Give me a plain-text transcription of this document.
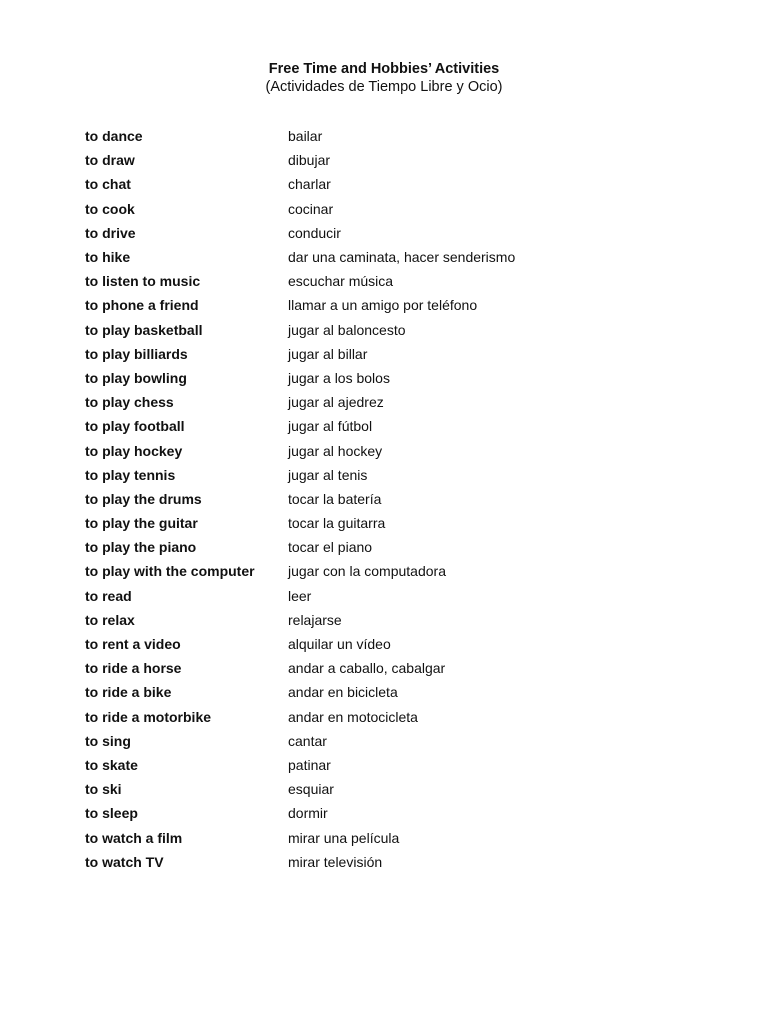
Free Time and Hobbies’ Activities
(Actividades de Tiempo Libre y Ocio)
to dance	bailar
to draw	dibujar
to chat	charlar
to cook	cocinar
to drive	conducir
to hike	dar una caminata, hacer senderismo
to listen to music	escuchar música
to phone a friend	llamar a un amigo por teléfono
to play basketball	jugar al baloncesto
to play billiards	jugar al billar
to play bowling	jugar a los bolos
to play chess	jugar al ajedrez
to play football	jugar al fútbol
to play hockey	jugar al hockey
to play tennis	jugar al tenis
to play the drums	tocar la batería
to play the guitar	tocar la guitarra
to play the piano	tocar el piano
to play with the computer	jugar con la computadora
to read	leer
to relax	relajarse
to rent a video	alquilar un vídeo
to ride a horse	andar a caballo, cabalgar
to ride a bike	andar en bicicleta
to ride a motorbike	andar en motocicleta
to sing	cantar
to skate	patinar
to ski	esquiar
to sleep	dormir
to watch a film	mirar una película
to watch TV	mirar televisión
